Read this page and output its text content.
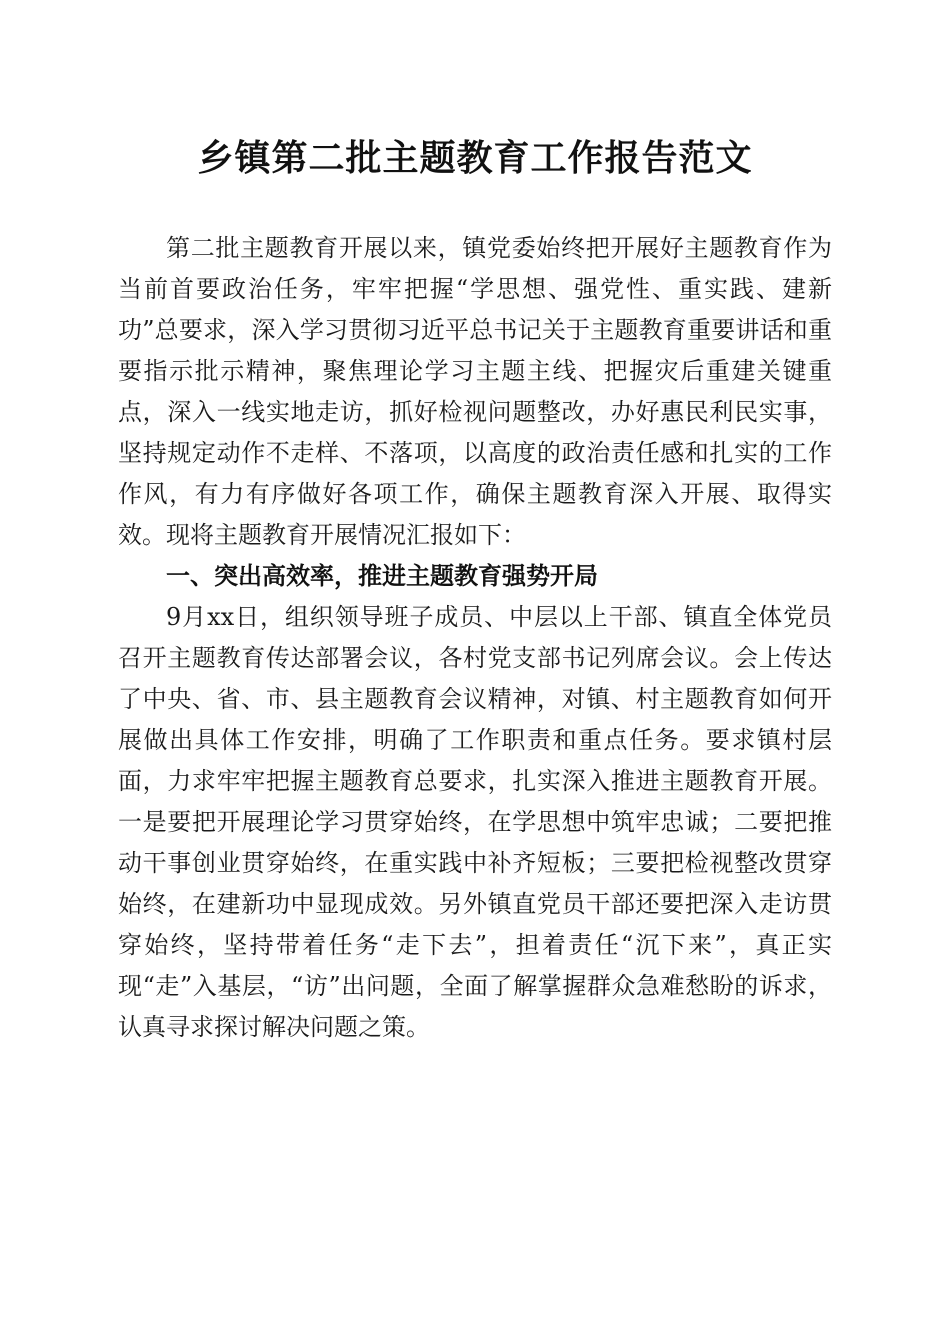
乡镇第二批主题教育工作报告范文

第二批主题教育开展以来，镇党委始终把开展好主题教育作为当前首要政治任务，牢牢把握“学思想、强党性、重实践、建新功”总要求，深入学习贯彻习近平总书记关于主题教育重要讲话和重要指示批示精神，聚焦理论学习主题主线、把握灾后重建关键重点，深入一线实地走访，抓好检视问题整改，办好惠民利民实事，坚持规定动作不走样、不落项，以高度的政治责任感和扎实的工作作风，有力有序做好各项工作，确保主题教育深入开展、取得实效。现将主题教育开展情况汇报如下：

一、突出高效率，推进主题教育强势开局

9月xx日，组织领导班子成员、中层以上干部、镇直全体党员召开主题教育传达部署会议，各村党支部书记列席会议。会上传达了中央、省、市、县主题教育会议精神，对镇、村主题教育如何开展做出具体工作安排，明确了工作职责和重点任务。要求镇村层面，力求牢牢把握主题教育总要求，扎实深入推进主题教育开展。一是要把开展理论学习贯穿始终，在学思想中筑牢忠诚；二要把推动干事创业贯穿始终，在重实践中补齐短板；三要把检视整改贯穿始终，在建新功中显现成效。另外镇直党员干部还要把深入走访贯穿始终，坚持带着任务“走下去”，担着责任“沉下来”，真正实现“走”入基层，“访”出问题，全面了解掌握群众急难愁盼的诉求，认真寻求探讨解决问题之策。
